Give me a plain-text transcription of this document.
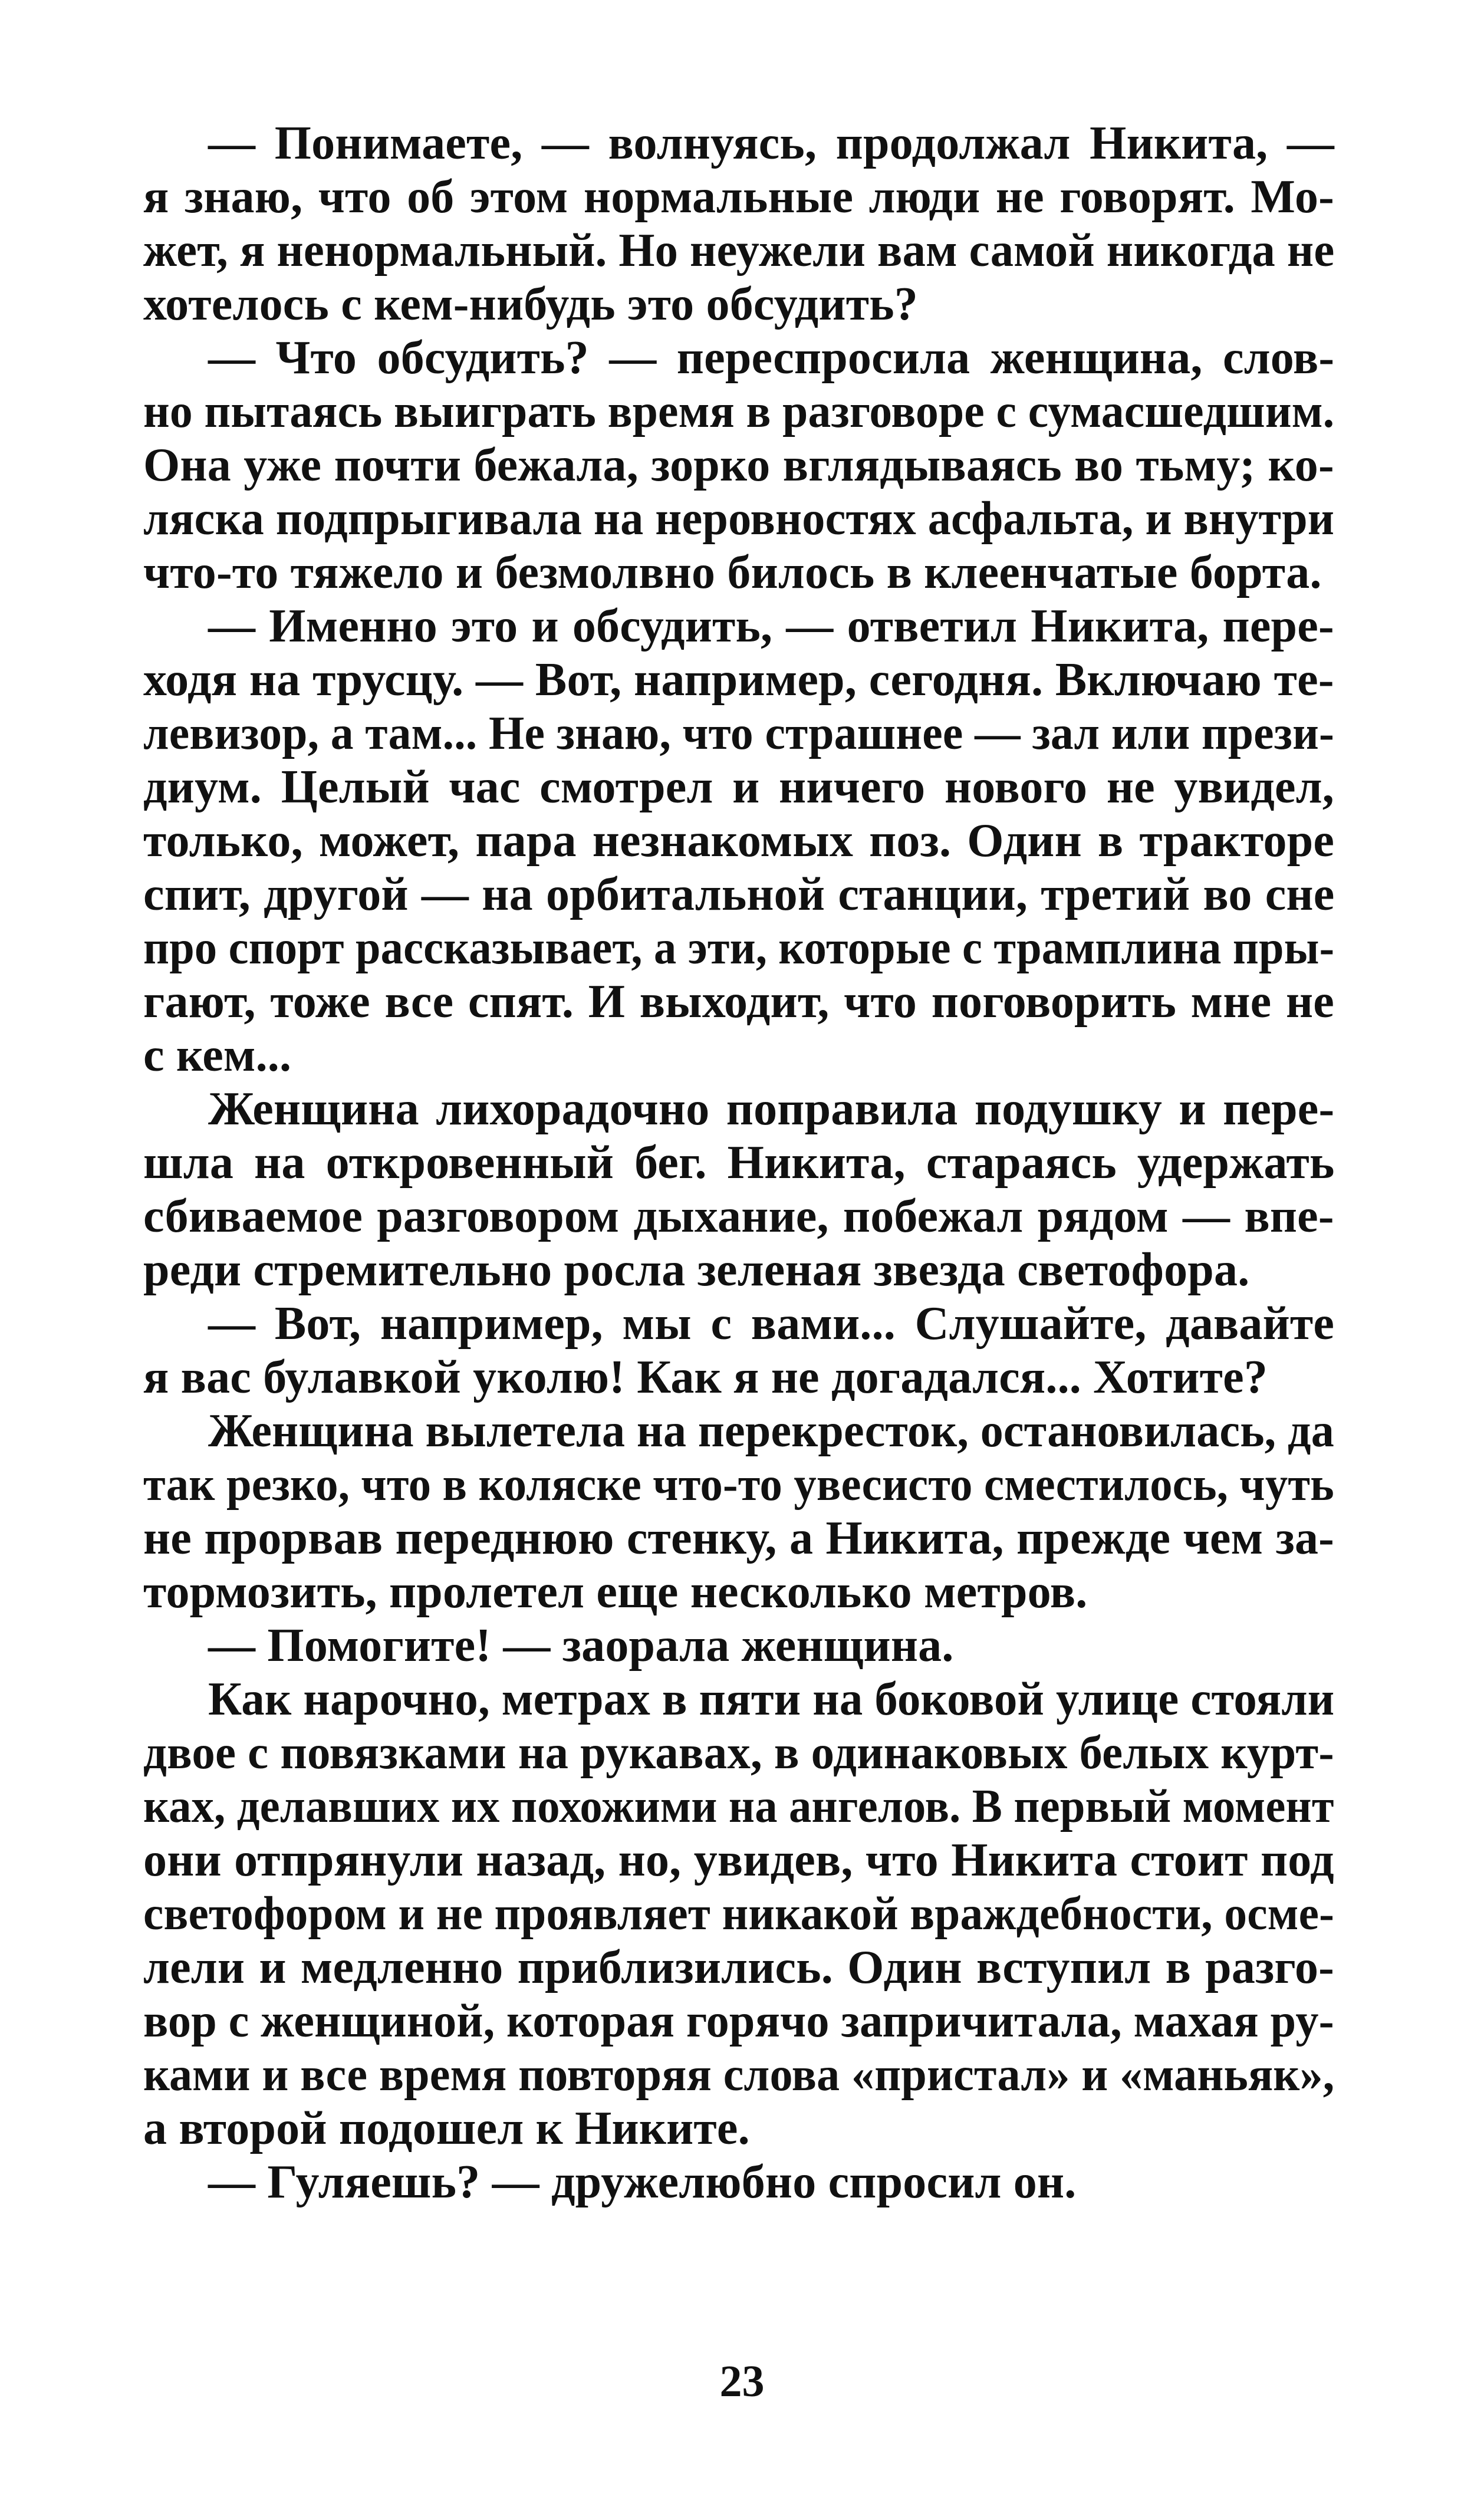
— Понимаете, — волнуясь, продолжал Никита, —
я знаю, что об этом нормальные люди не говорят. Мо-
жет, я ненормальный. Но неужели вам самой никогда не
хотелось с кем-нибудь это обсудить?
— Что обсудить? — переспросила женщина, слов-
но пытаясь выиграть время в разговоре с сумасшедшим.
Она уже почти бежала, зорко вглядываясь во тьму; ко-
ляска подпрыгивала на неровностях асфальта, и внутри
что-то тяжело и безмолвно билось в клеенчатые борта.
— Именно это и обсудить, — ответил Никита, пере-
ходя на трусцу. — Вот, например, сегодня. Включаю те-
левизор, а там... Не знаю, что страшнее — зал или прези-
диум. Целый час смотрел и ничего нового не увидел,
только, может, пара незнакомых поз. Один в тракторе
спит, другой — на орбитальной станции, третий во сне
про спорт рассказывает, а эти, которые с трамплина пры-
гают, тоже все спят. И выходит, что поговорить мне не
с кем...
Женщина лихорадочно поправила подушку и пере-
шла на откровенный бег. Никита, стараясь удержать
сбиваемое разговором дыхание, побежал рядом — впе-
реди стремительно росла зеленая звезда светофора.
— Вот, например, мы с вами... Слушайте, давайте
я вас булавкой уколю! Как я не догадался... Хотите?
Женщина вылетела на перекресток, остановилась, да
так резко, что в коляске что-то увесисто сместилось, чуть
не прорвав переднюю стенку, а Никита, прежде чем за-
тормозить, пролетел еще несколько метров.
— Помогите! — заорала женщина.
Как нарочно, метрах в пяти на боковой улице стояли
двое с повязками на рукавах, в одинаковых белых курт-
ках, делавших их похожими на ангелов. В первый момент
они отпрянули назад, но, увидев, что Никита стоит под
светофором и не проявляет никакой враждебности, осме-
лели и медленно приблизились. Один вступил в разго-
вор с женщиной, которая горячо запричитала, махая ру-
ками и все время повторяя слова «пристал» и «маньяк»,
а второй подошел к Никите.
— Гуляешь? — дружелюбно спросил он.
23
